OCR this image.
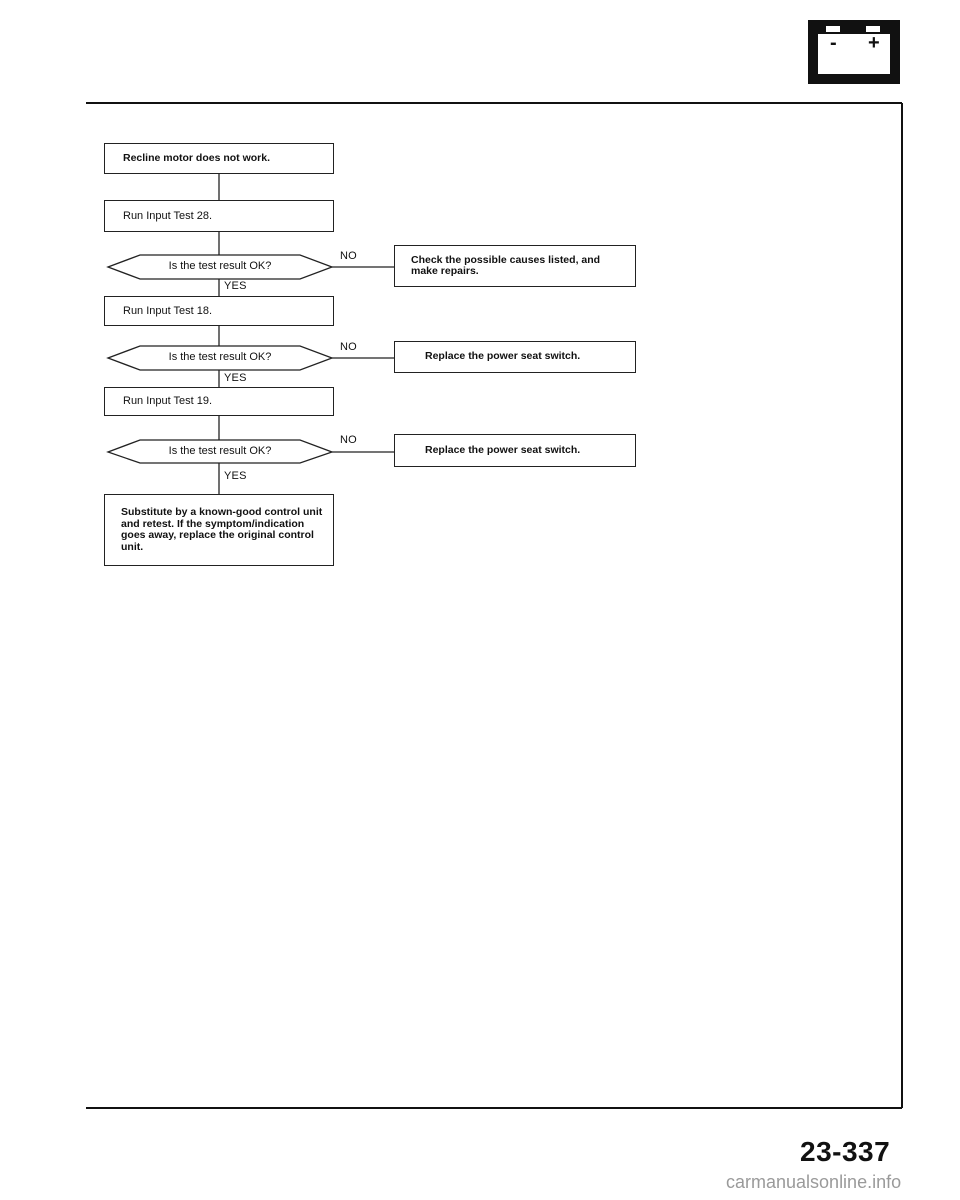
- +
Recline motor does not work.
Run Input Test 28.
Is the test result OK?
NO	Check the possible causes listed, and make repairs.
YES
Run Input Test 18.
Is the test result OK?
NO
Replace the power seat switch.
YES
Run Input Test 19.
Is the test result OK?
NO
Replace the power seat switch.
YES
Substitute by a known-good control unit and retest. If the symptom/indication goes away, replace the original control unit.
23-337
carmanualsonline.info
